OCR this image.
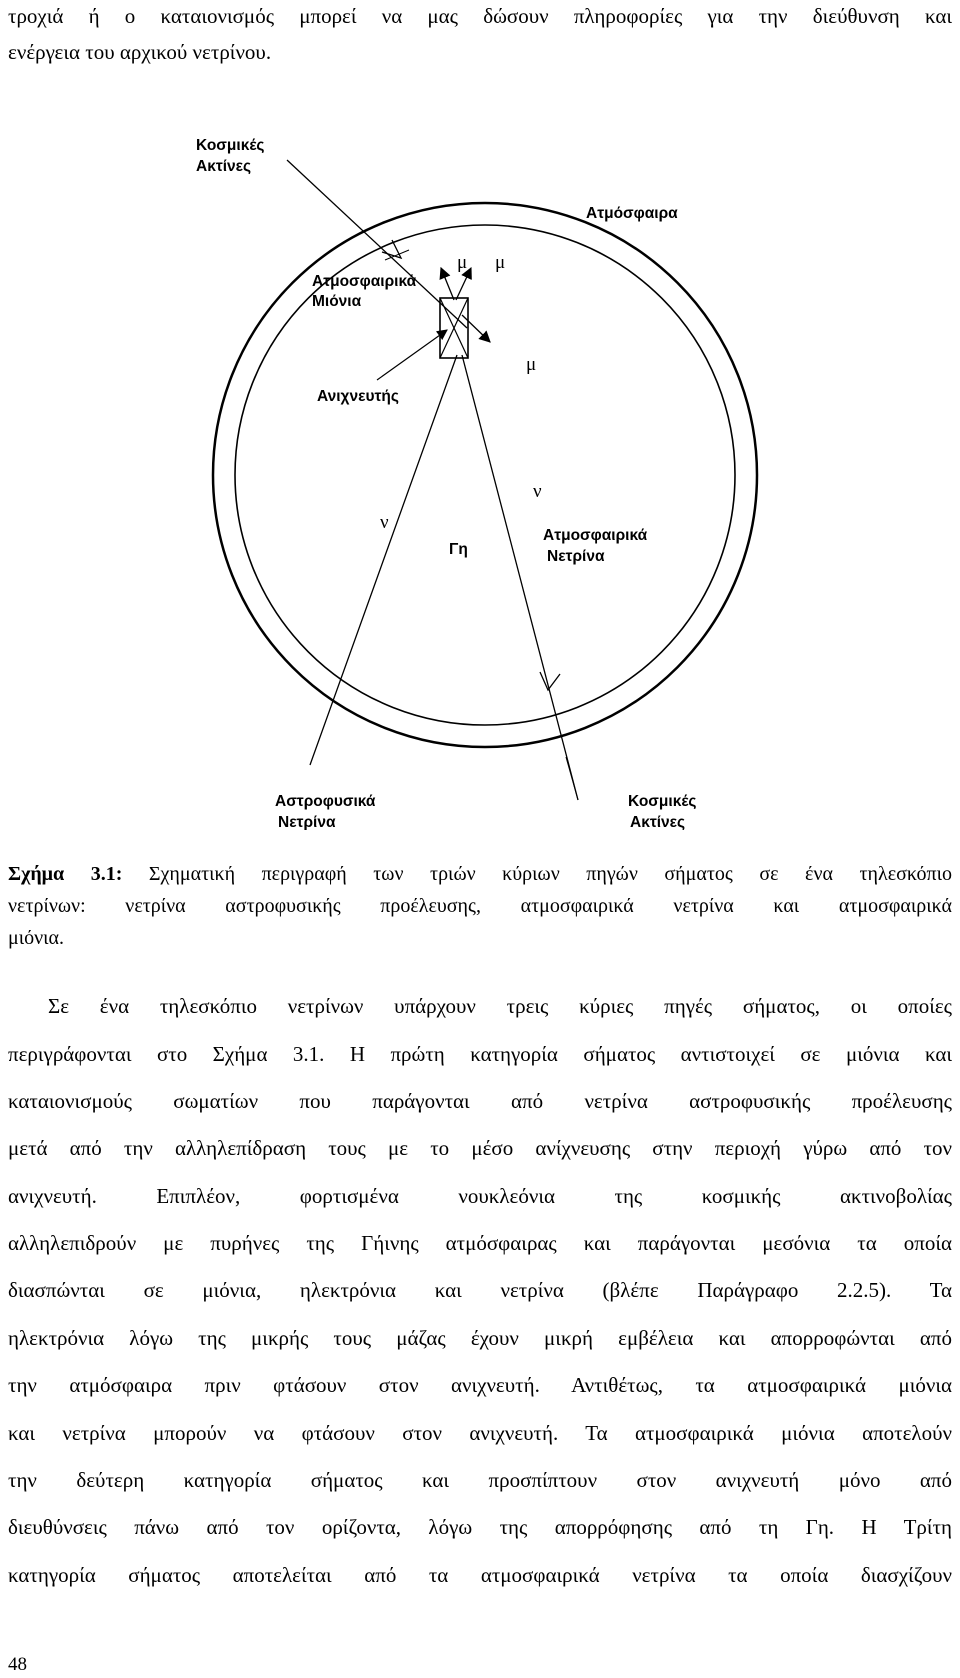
τροχιά ή ο καταιονισμός μπορεί να μας δώσουν πληροφορίες για την διεύθυνση και

ενέργεια του αρχικού νετρίνου.

Κοσμικές
Ακτίνες
Ατμόσφαιρα
Ατμοσφαιρικά
Μιόνια
Ανιχνευτής
Γη
Ατμοσφαιρικά
Νετρίνα
Αστροφυσικά
Νετρίνα
Κοσμικές
Ακτίνες
μ μ
μ
ν
ν

Σχήμα 3.1: Σχηματική περιγραφή των τριών κύριων πηγών σήματος σε ένα τηλεσκόπιο

νετρίνων: νετρίνα αστροφυσικής προέλευσης, ατμοσφαιρικά νετρίνα και ατμοσφαιρικά

μιόνια.

Σε ένα τηλεσκόπιο νετρίνων υπάρχουν τρεις κύριες πηγές σήματος, οι οποίες

περιγράφονται στο Σχήμα 3.1. Η πρώτη κατηγορία σήματος αντιστοιχεί σε μιόνια και

καταιονισμούς σωματίων που παράγονται από νετρίνα αστροφυσικής προέλευσης

μετά από την αλληλεπίδραση τους με το μέσο ανίχνευσης στην περιοχή γύρω από τον

ανιχνευτή. Επιπλέον, φορτισμένα νουκλεόνια της κοσμικής ακτινοβολίας

αλληλεπιδρούν με πυρήνες της Γήινης ατμόσφαιρας και παράγονται μεσόνια τα οποία

διασπώνται σε μιόνια, ηλεκτρόνια και νετρίνα (βλέπε Παράγραφο 2.2.5). Τα

ηλεκτρόνια λόγω της μικρής τους μάζας έχουν μικρή εμβέλεια και απορροφώνται από

την ατμόσφαιρα πριν φτάσουν στον ανιχνευτή. Αντιθέτως, τα ατμοσφαιρικά μιόνια

και νετρίνα μπορούν να φτάσουν στον ανιχνευτή. Τα ατμοσφαιρικά μιόνια αποτελούν

την δεύτερη κατηγορία σήματος και προσπίπτουν στον ανιχνευτή μόνο από

διευθύνσεις πάνω από τον ορίζοντα, λόγω της απορρόφησης από τη Γη. Η Τρίτη

κατηγορία σήματος αποτελείται από τα ατμοσφαιρικά νετρίνα τα οποία διασχίζουν

48
